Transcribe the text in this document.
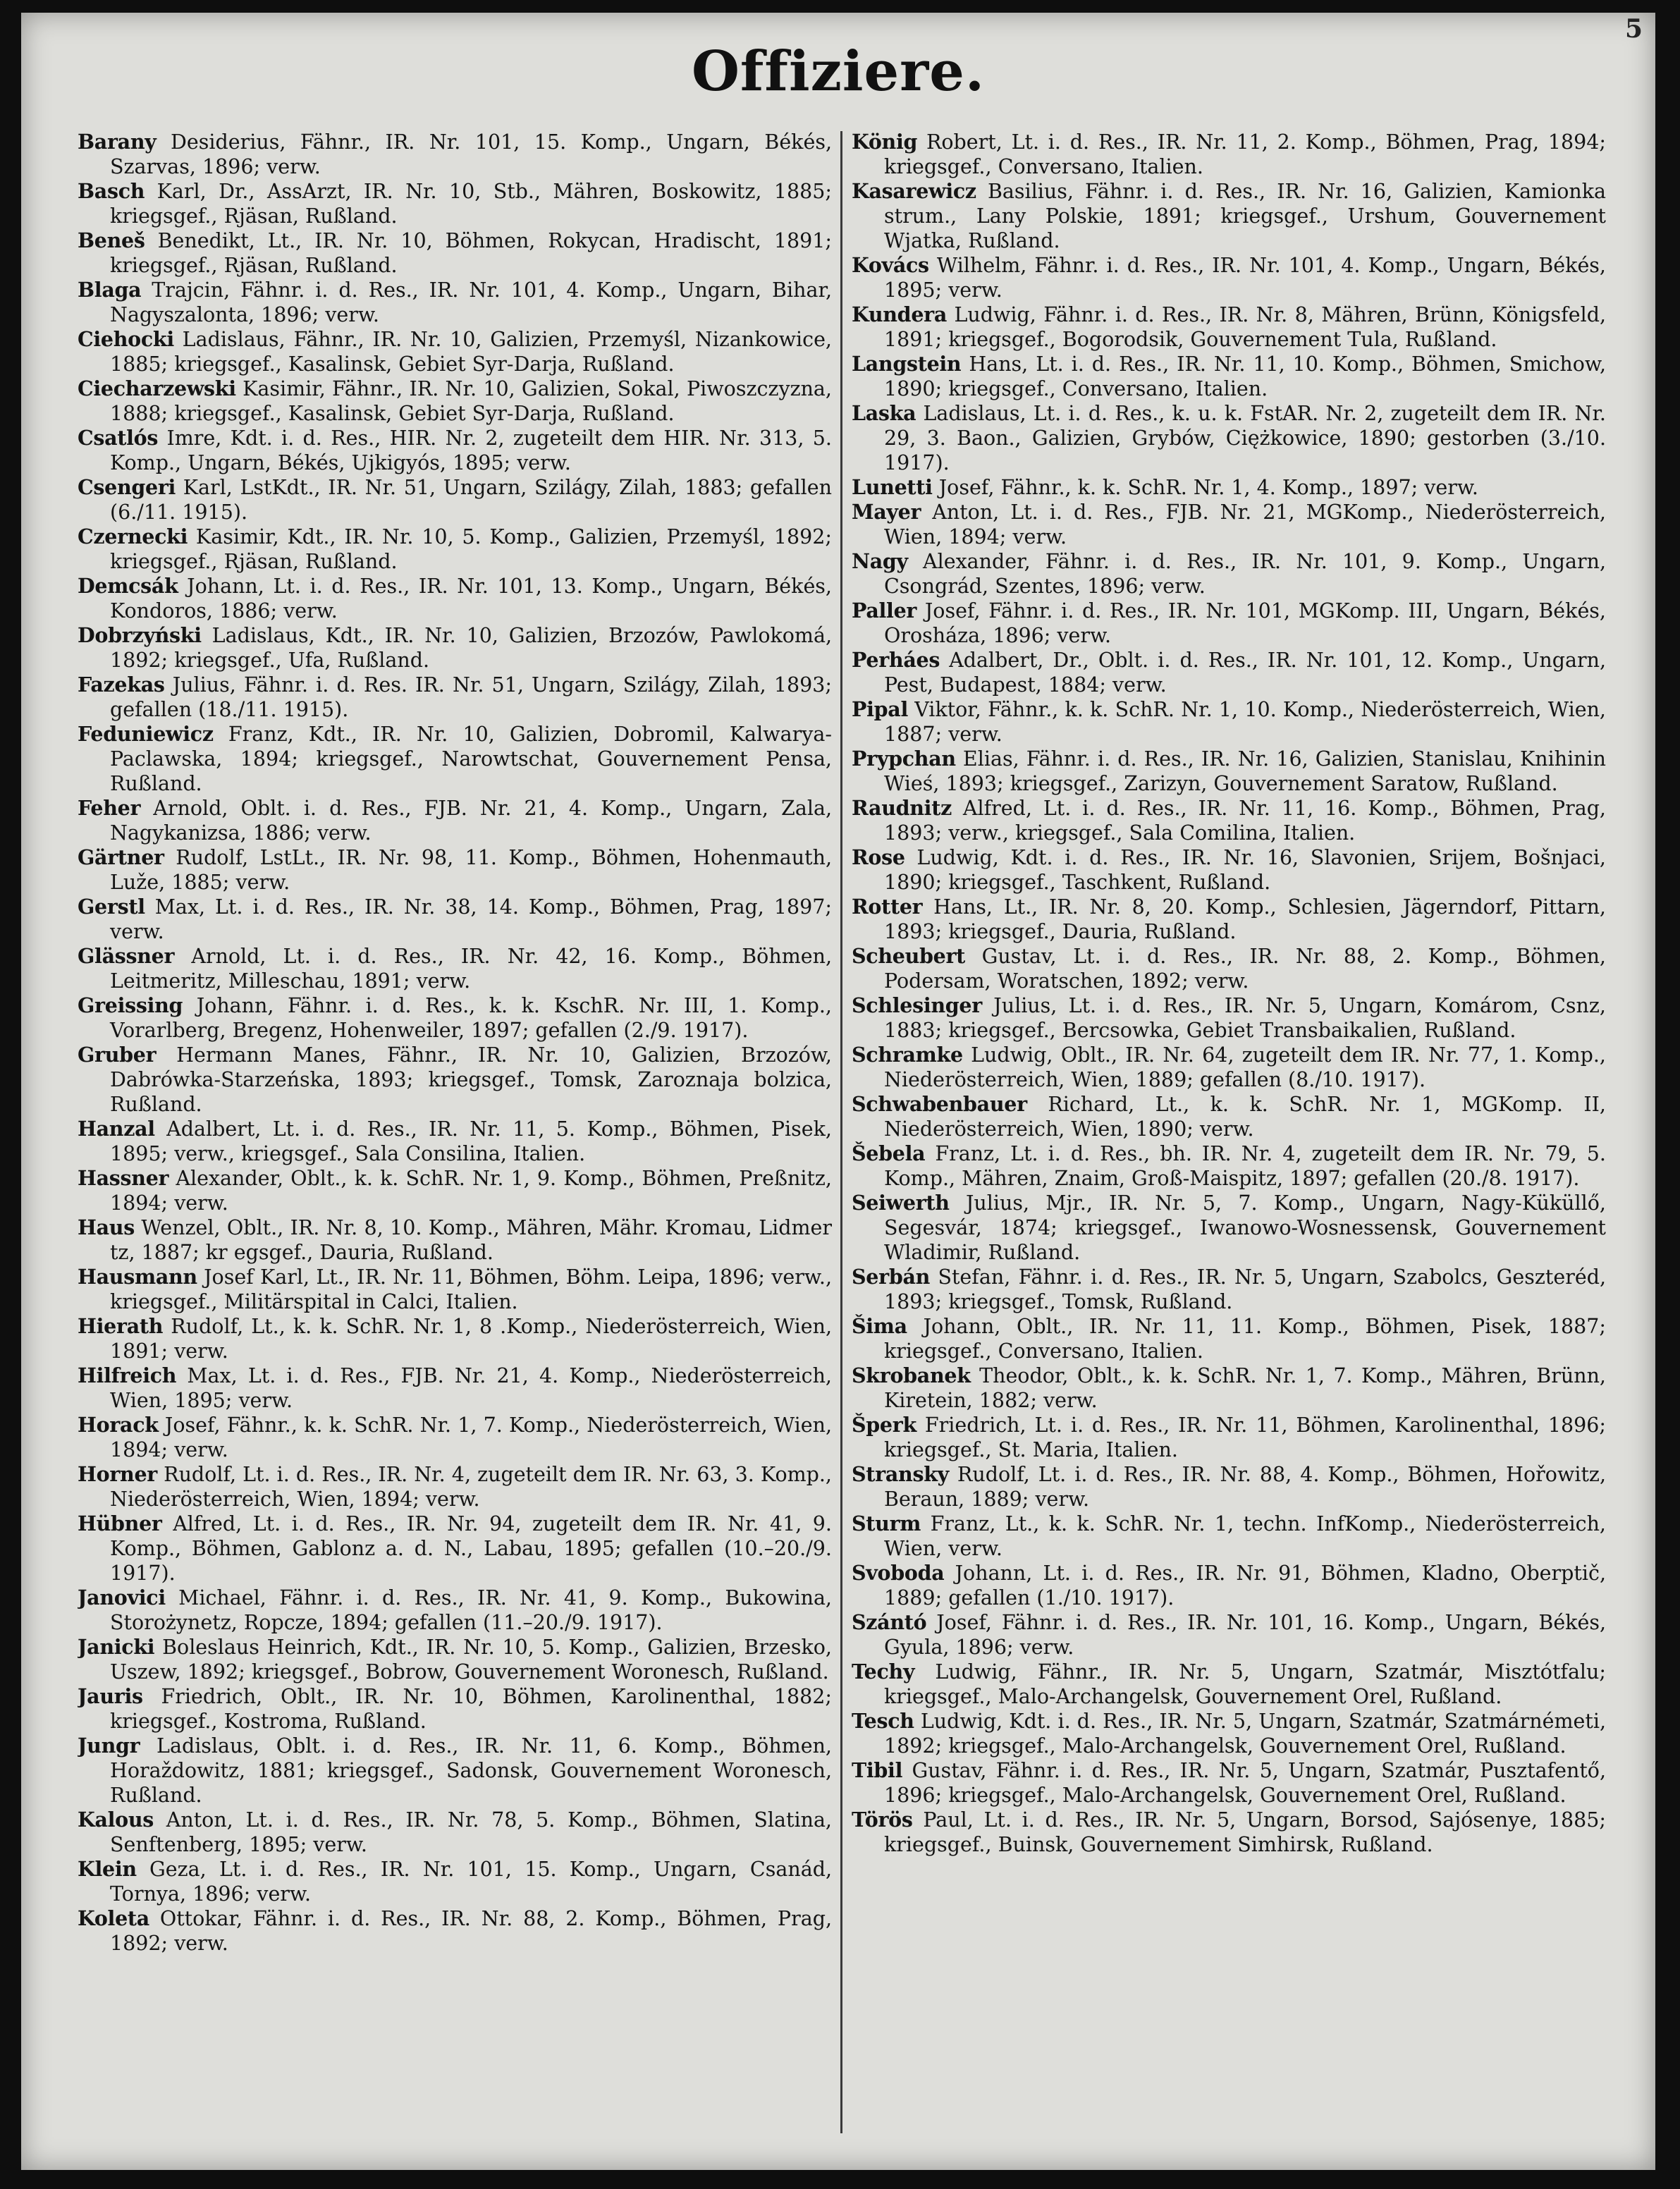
5
Offiziere.

Barany Desiderius, Fähnr., IR. Nr. 101, 15. Komp., Ungarn, Békés, Szarvas, 1896; verw.

Basch Karl, Dr., AssArzt, IR. Nr. 10, Stb., Mähren, Boskowitz, 1885; kriegsgef., Rjäsan, Rußland.

Beneš Benedikt, Lt., IR. Nr. 10, Böhmen, Rokycan, Hradischt, 1891; kriegsgef., Rjäsan, Rußland.

Blaga Trajcin, Fähnr. i. d. Res., IR. Nr. 101, 4. Komp., Ungarn, Bihar, Nagyszalonta, 1896; verw.

Ciehocki Ladislaus, Fähnr., IR. Nr. 10, Galizien, Przemyśl, Nizankowice, 1885; kriegsgef., Kasalinsk, Gebiet Syr-Darja, Rußland.

Ciecharzewski Kasimir, Fähnr., IR. Nr. 10, Galizien, Sokal, Piwoszczyzna, 1888; kriegsgef., Kasalinsk, Gebiet Syr-Darja, Rußland.

Csatlós Imre, Kdt. i. d. Res., HIR. Nr. 2, zugeteilt dem HIR. Nr. 313, 5. Komp., Ungarn, Békés, Ujkigyós, 1895; verw.

Csengeri Karl, LstKdt., IR. Nr. 51, Ungarn, Szilágy, Zilah, 1883; gefallen (6./11. 1915).

Czernecki Kasimir, Kdt., IR. Nr. 10, 5. Komp., Galizien, Przemyśl, 1892; kriegsgef., Rjäsan, Rußland.

Demcsák Johann, Lt. i. d. Res., IR. Nr. 101, 13. Komp., Ungarn, Békés, Kondoros, 1886; verw.

Dobrzyński Ladislaus, Kdt., IR. Nr. 10, Galizien, Brzozów, Pawlokomá, 1892; kriegsgef., Ufa, Rußland.

Fazekas Julius, Fähnr. i. d. Res. IR. Nr. 51, Ungarn, Szilágy, Zilah, 1893; gefallen (18./11. 1915).

Feduniewicz Franz, Kdt., IR. Nr. 10, Galizien, Dobromil, Kalwarya-Paclawska, 1894; kriegsgef., Narowtschat, Gouvernement Pensa, Rußland.

Feher Arnold, Oblt. i. d. Res., FJB. Nr. 21, 4. Komp., Ungarn, Zala, Nagykanizsa, 1886; verw.

Gärtner Rudolf, LstLt., IR. Nr. 98, 11. Komp., Böhmen, Hohenmauth, Luže, 1885; verw.

Gerstl Max, Lt. i. d. Res., IR. Nr. 38, 14. Komp., Böhmen, Prag, 1897; verw.

Glässner Arnold, Lt. i. d. Res., IR. Nr. 42, 16. Komp., Böhmen, Leitmeritz, Milleschau, 1891; verw.

Greissing Johann, Fähnr. i. d. Res., k. k. KschR. Nr. III, 1. Komp., Vorarlberg, Bregenz, Hohenweiler, 1897; gefallen (2./9. 1917).

Gruber Hermann Manes, Fähnr., IR. Nr. 10, Galizien, Brzozów, Dabrówka-Starzeńska, 1893; kriegsgef., Tomsk, Zaroznaja bolzica, Rußland.

Hanzal Adalbert, Lt. i. d. Res., IR. Nr. 11, 5. Komp., Böhmen, Pisek, 1895; verw., kriegsgef., Sala Consilina, Italien.

Hassner Alexander, Oblt., k. k. SchR. Nr. 1, 9. Komp., Böhmen, Preßnitz, 1894; verw.

Haus Wenzel, Oblt., IR. Nr. 8, 10. Komp., Mähren, Mähr. Kromau, Lidmer tz, 1887; kr egsgef., Dauria, Rußland.

Hausmann Josef Karl, Lt., IR. Nr. 11, Böhmen, Böhm. Leipa, 1896; verw., kriegsgef., Militärspital in Calci, Italien.

Hierath Rudolf, Lt., k. k. SchR. Nr. 1, 8 .Komp., Niederösterreich, Wien, 1891; verw.

Hilfreich Max, Lt. i. d. Res., FJB. Nr. 21, 4. Komp., Niederösterreich, Wien, 1895; verw.

Horack Josef, Fähnr., k. k. SchR. Nr. 1, 7. Komp., Niederösterreich, Wien, 1894; verw.

Horner Rudolf, Lt. i. d. Res., IR. Nr. 4, zugeteilt dem IR. Nr. 63, 3. Komp., Niederösterreich, Wien, 1894; verw.

Hübner Alfred, Lt. i. d. Res., IR. Nr. 94, zugeteilt dem IR. Nr. 41, 9. Komp., Böhmen, Gablonz a. d. N., Labau, 1895; gefallen (10.–20./9. 1917).

Janovici Michael, Fähnr. i. d. Res., IR. Nr. 41, 9. Komp., Bukowina, Storożynetz, Ropcze, 1894; gefallen (11.–20./9. 1917).

Janicki Boleslaus Heinrich, Kdt., IR. Nr. 10, 5. Komp., Galizien, Brzesko, Uszew, 1892; kriegsgef., Bobrow, Gouvernement Woronesch, Rußland.

Jauris Friedrich, Oblt., IR. Nr. 10, Böhmen, Karolinenthal, 1882; kriegsgef., Kostroma, Rußland.

Jungr Ladislaus, Oblt. i. d. Res., IR. Nr. 11, 6. Komp., Böhmen, Horaždowitz, 1881; kriegsgef., Sadonsk, Gouvernement Woronesch, Rußland.

Kalous Anton, Lt. i. d. Res., IR. Nr. 78, 5. Komp., Böhmen, Slatina, Senftenberg, 1895; verw.

Klein Geza, Lt. i. d. Res., IR. Nr. 101, 15. Komp., Ungarn, Csanád, Tornya, 1896; verw.

Koleta Ottokar, Fähnr. i. d. Res., IR. Nr. 88, 2. Komp., Böhmen, Prag, 1892; verw.

König Robert, Lt. i. d. Res., IR. Nr. 11, 2. Komp., Böhmen, Prag, 1894; kriegsgef., Conversano, Italien.

Kasarewicz Basilius, Fähnr. i. d. Res., IR. Nr. 16, Galizien, Kamionka strum., Lany Polskie, 1891; kriegsgef., Urshum, Gouvernement Wjatka, Rußland.

Kovács Wilhelm, Fähnr. i. d. Res., IR. Nr. 101, 4. Komp., Ungarn, Békés, 1895; verw.

Kundera Ludwig, Fähnr. i. d. Res., IR. Nr. 8, Mähren, Brünn, Königsfeld, 1891; kriegsgef., Bogorodsik, Gouvernement Tula, Rußland.

Langstein Hans, Lt. i. d. Res., IR. Nr. 11, 10. Komp., Böhmen, Smichow, 1890; kriegsgef., Conversano, Italien.

Laska Ladislaus, Lt. i. d. Res., k. u. k. FstAR. Nr. 2, zugeteilt dem IR. Nr. 29, 3. Baon., Galizien, Grybów, Ciężkowice, 1890; gestorben (3./10. 1917).

Lunetti Josef, Fähnr., k. k. SchR. Nr. 1, 4. Komp., 1897; verw.

Mayer Anton, Lt. i. d. Res., FJB. Nr. 21, MGKomp., Niederösterreich, Wien, 1894; verw.

Nagy Alexander, Fähnr. i. d. Res., IR. Nr. 101, 9. Komp., Ungarn, Csongrád, Szentes, 1896; verw.

Paller Josef, Fähnr. i. d. Res., IR. Nr. 101, MGKomp. III, Ungarn, Békés, Orosháza, 1896; verw.

Perháes Adalbert, Dr., Oblt. i. d. Res., IR. Nr. 101, 12. Komp., Ungarn, Pest, Budapest, 1884; verw.

Pipal Viktor, Fähnr., k. k. SchR. Nr. 1, 10. Komp., Niederösterreich, Wien, 1887; verw.

Prypchan Elias, Fähnr. i. d. Res., IR. Nr. 16, Galizien, Stanislau, Knihinin Wieś, 1893; kriegsgef., Zarizyn, Gouvernement Saratow, Rußland.

Raudnitz Alfred, Lt. i. d. Res., IR. Nr. 11, 16. Komp., Böhmen, Prag, 1893; verw., kriegsgef., Sala Comilina, Italien.

Rose Ludwig, Kdt. i. d. Res., IR. Nr. 16, Slavonien, Srijem, Bošnjaci, 1890; kriegsgef., Taschkent, Rußland.

Rotter Hans, Lt., IR. Nr. 8, 20. Komp., Schlesien, Jägerndorf, Pittarn, 1893; kriegsgef., Dauria, Rußland.

Scheubert Gustav, Lt. i. d. Res., IR. Nr. 88, 2. Komp., Böhmen, Podersam, Woratschen, 1892; verw.

Schlesinger Julius, Lt. i. d. Res., IR. Nr. 5, Ungarn, Komárom, Csnz, 1883; kriegsgef., Bercsowka, Gebiet Transbaikalien, Rußland.

Schramke Ludwig, Oblt., IR. Nr. 64, zugeteilt dem IR. Nr. 77, 1. Komp., Niederösterreich, Wien, 1889; gefallen (8./10. 1917).

Schwabenbauer Richard, Lt., k. k. SchR. Nr. 1, MGKomp. II, Niederösterreich, Wien, 1890; verw.

Šebela Franz, Lt. i. d. Res., bh. IR. Nr. 4, zugeteilt dem IR. Nr. 79, 5. Komp., Mähren, Znaim, Groß-Maispitz, 1897; gefallen (20./8. 1917).

Seiwerth Julius, Mjr., IR. Nr. 5, 7. Komp., Ungarn, Nagy-Küküllő, Segesvár, 1874; kriegsgef., Iwanowo-Wosnessensk, Gouvernement Wladimir, Rußland.

Serbán Stefan, Fähnr. i. d. Res., IR. Nr. 5, Ungarn, Szabolcs, Geszteréd, 1893; kriegsgef., Tomsk, Rußland.

Šima Johann, Oblt., IR. Nr. 11, 11. Komp., Böhmen, Pisek, 1887; kriegsgef., Conversano, Italien.

Skrobanek Theodor, Oblt., k. k. SchR. Nr. 1, 7. Komp., Mähren, Brünn, Kiretein, 1882; verw.

Šperk Friedrich, Lt. i. d. Res., IR. Nr. 11, Böhmen, Karolinenthal, 1896; kriegsgef., St. Maria, Italien.

Stransky Rudolf, Lt. i. d. Res., IR. Nr. 88, 4. Komp., Böhmen, Hořowitz, Beraun, 1889; verw.

Sturm Franz, Lt., k. k. SchR. Nr. 1, techn. InfKomp., Niederösterreich, Wien, verw.

Svoboda Johann, Lt. i. d. Res., IR. Nr. 91, Böhmen, Kladno, Oberptič, 1889; gefallen (1./10. 1917).

Szántó Josef, Fähnr. i. d. Res., IR. Nr. 101, 16. Komp., Ungarn, Békés, Gyula, 1896; verw.

Techy Ludwig, Fähnr., IR. Nr. 5, Ungarn, Szatmár, Misztótfalu; kriegsgef., Malo-Archangelsk, Gouvernement Orel, Rußland.

Tesch Ludwig, Kdt. i. d. Res., IR. Nr. 5, Ungarn, Szatmár, Szatmárnémeti, 1892; kriegsgef., Malo-Archangelsk, Gouvernement Orel, Rußland.

Tibil Gustav, Fähnr. i. d. Res., IR. Nr. 5, Ungarn, Szatmár, Pusztafentő, 1896; kriegsgef., Malo-Archangelsk, Gouvernement Orel, Rußland.

Törös Paul, Lt. i. d. Res., IR. Nr. 5, Ungarn, Borsod, Sajósenye, 1885; kriegsgef., Buinsk, Gouvernement Simhirsk, Rußland.
